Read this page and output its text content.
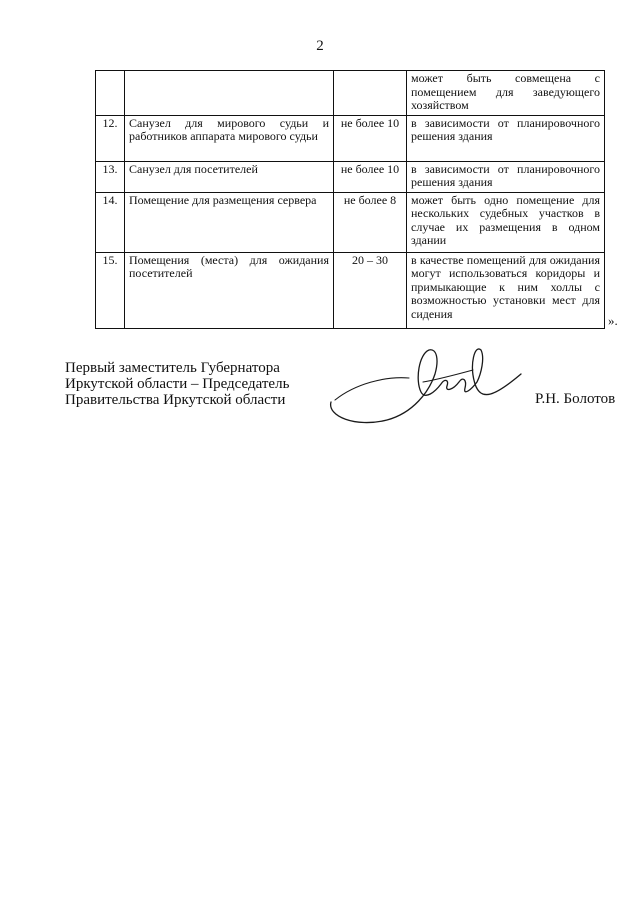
2
			может быть совмещена с помещением для заведующего хозяйством
12.	Санузел для мирового судьи и работников аппарата мирового судьи	не более 10	в зависимости от планировочного решения здания
13.	Санузел для посетителей	не более 10	в зависимости от планировочного решения здания
14.	Помещение для размещения сервера	не более 8	может быть одно помещение для нескольких судебных участков в случае их размещения в одном здании
15.	Помещения (места) для ожидания посетителей	20 – 30	в качестве помещений для ожидания могут использоваться коридоры и примыкающие к ним холлы с возможностью установки мест для сидения	».
Первый заместитель Губернатора
Иркутской области – Председатель
Правительства Иркутской области	Р.Н. Болотов
